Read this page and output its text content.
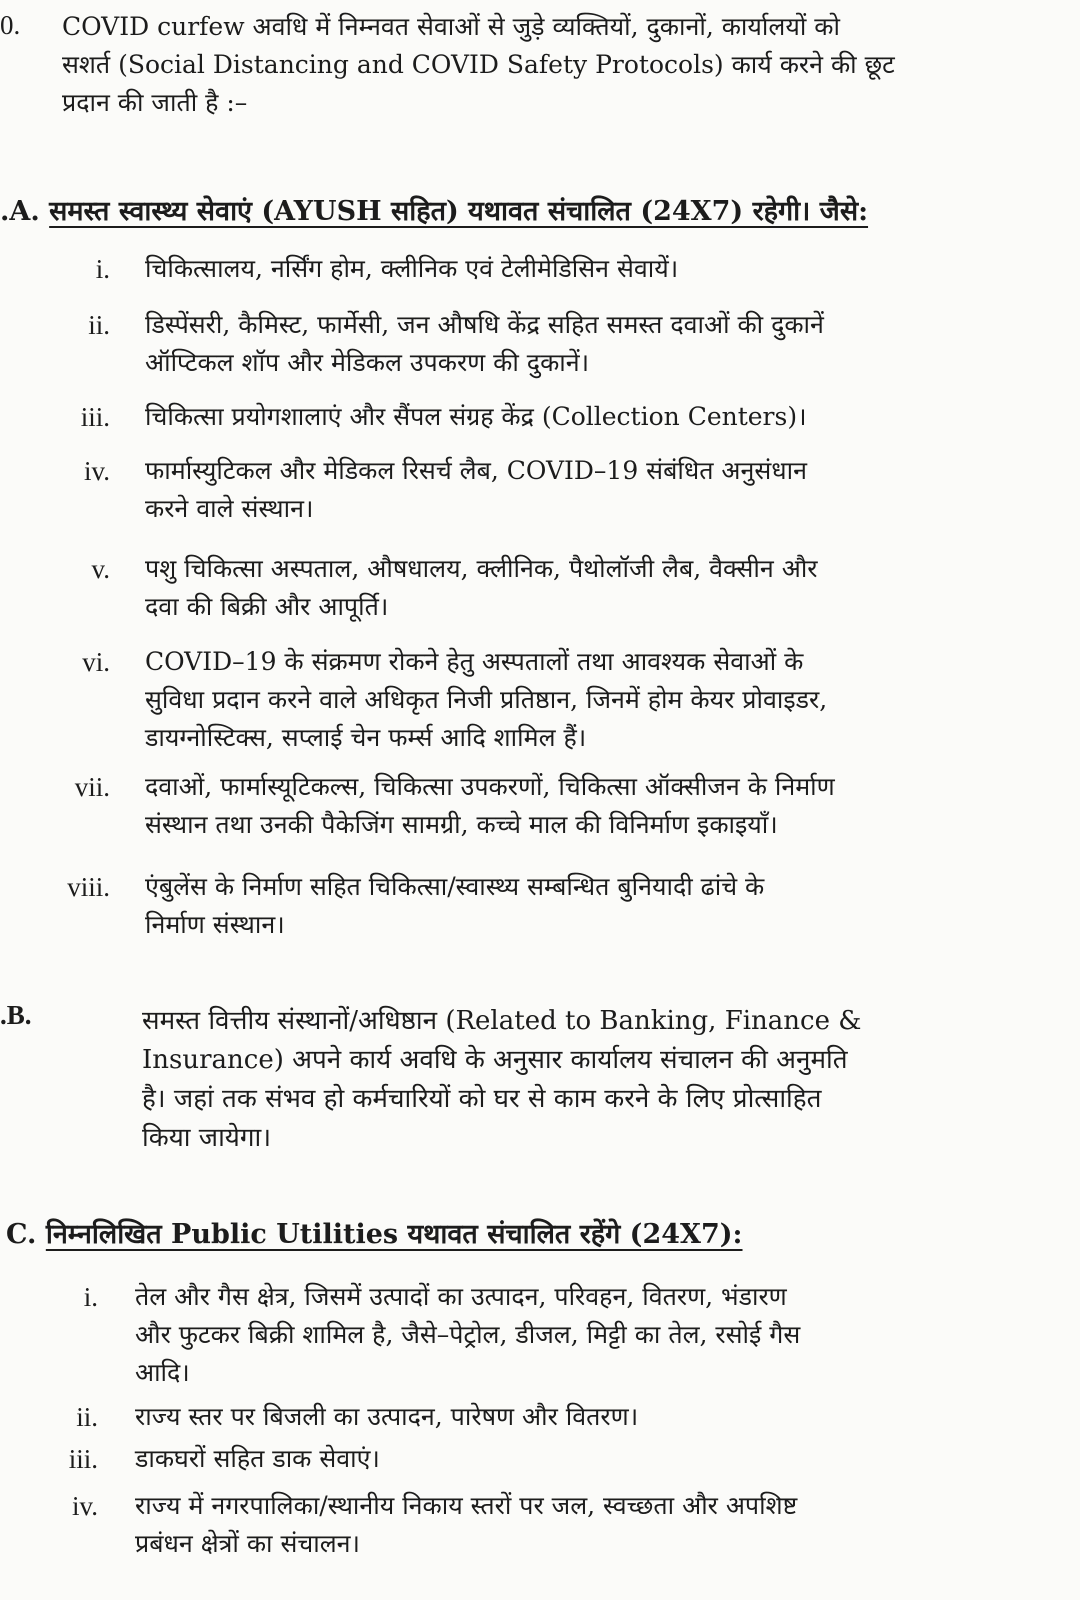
0. COVID curfew अवधि में निम्नवत सेवाओं से जुड़े व्यक्तियों, दुकानों, कार्यालयों को
सशर्त (Social Distancing and COVID Safety Protocols) कार्य करने की छूट
प्रदान की जाती है :–
.A. समस्त स्वास्थ्य सेवाएं (AYUSH सहित) यथावत संचालित (24X7) रहेगी। जैसे:
i. चिकित्सालय, नर्सिंग होम, क्लीनिक एवं टेलीमेडिसिन सेवायें।
ii. डिस्पेंसरी, कैमिस्ट, फार्मेसी, जन औषधि केंद्र सहित समस्त दवाओं की दुकानें
ऑप्टिकल शॉप और मेडिकल उपकरण की दुकानें।
iii. चिकित्सा प्रयोगशालाएं और सैंपल संग्रह केंद्र (Collection Centers)।
iv. फार्मास्युटिकल और मेडिकल रिसर्च लैब, COVID–19 संबंधित अनुसंधान
करने वाले संस्थान।
v. पशु चिकित्सा अस्पताल, औषधालय, क्लीनिक, पैथोलॉजी लैब, वैक्सीन और
दवा की बिक्री और आपूर्ति।
vi. COVID–19 के संक्रमण रोकने हेतु अस्पतालों तथा आवश्यक सेवाओं के
सुविधा प्रदान करने वाले अधिकृत निजी प्रतिष्ठान, जिनमें होम केयर प्रोवाइडर,
डायग्नोस्टिक्स, सप्लाई चेन फर्म्स आदि शामिल हैं।
vii. दवाओं, फार्मास्यूटिकल्स, चिकित्सा उपकरणों, चिकित्सा ऑक्सीजन के निर्माण
संस्थान तथा उनकी पैकेजिंग सामग्री, कच्चे माल की विनिर्माण इकाइयाँ।
viii. एंबुलेंस के निर्माण सहित चिकित्सा/स्वास्थ्य सम्बन्धित बुनियादी ढांचे के
निर्माण संस्थान।
.B.	समस्त वित्तीय संस्थानों/अधिष्ठान (Related to Banking, Finance &
Insurance) अपने कार्य अवधि के अनुसार कार्यालय संचालन की अनुमति
है। जहां तक संभव हो कर्मचारियों को घर से काम करने के लिए प्रोत्साहित
किया जायेगा।
C. निम्नलिखित Public Utilities यथावत संचालित रहेंगे (24X7):
i. तेल और गैस क्षेत्र, जिसमें उत्पादों का उत्पादन, परिवहन, वितरण, भंडारण
और फुटकर बिक्री शामिल है, जैसे–पेट्रोल, डीजल, मिट्टी का तेल, रसोई गैस
आदि।
ii. राज्य स्तर पर बिजली का उत्पादन, पारेषण और वितरण।
iii. डाकघरों सहित डाक सेवाएं।
iv. राज्य में नगरपालिका/स्थानीय निकाय स्तरों पर जल, स्वच्छता और अपशिष्ट
प्रबंधन क्षेत्रों का संचालन।
